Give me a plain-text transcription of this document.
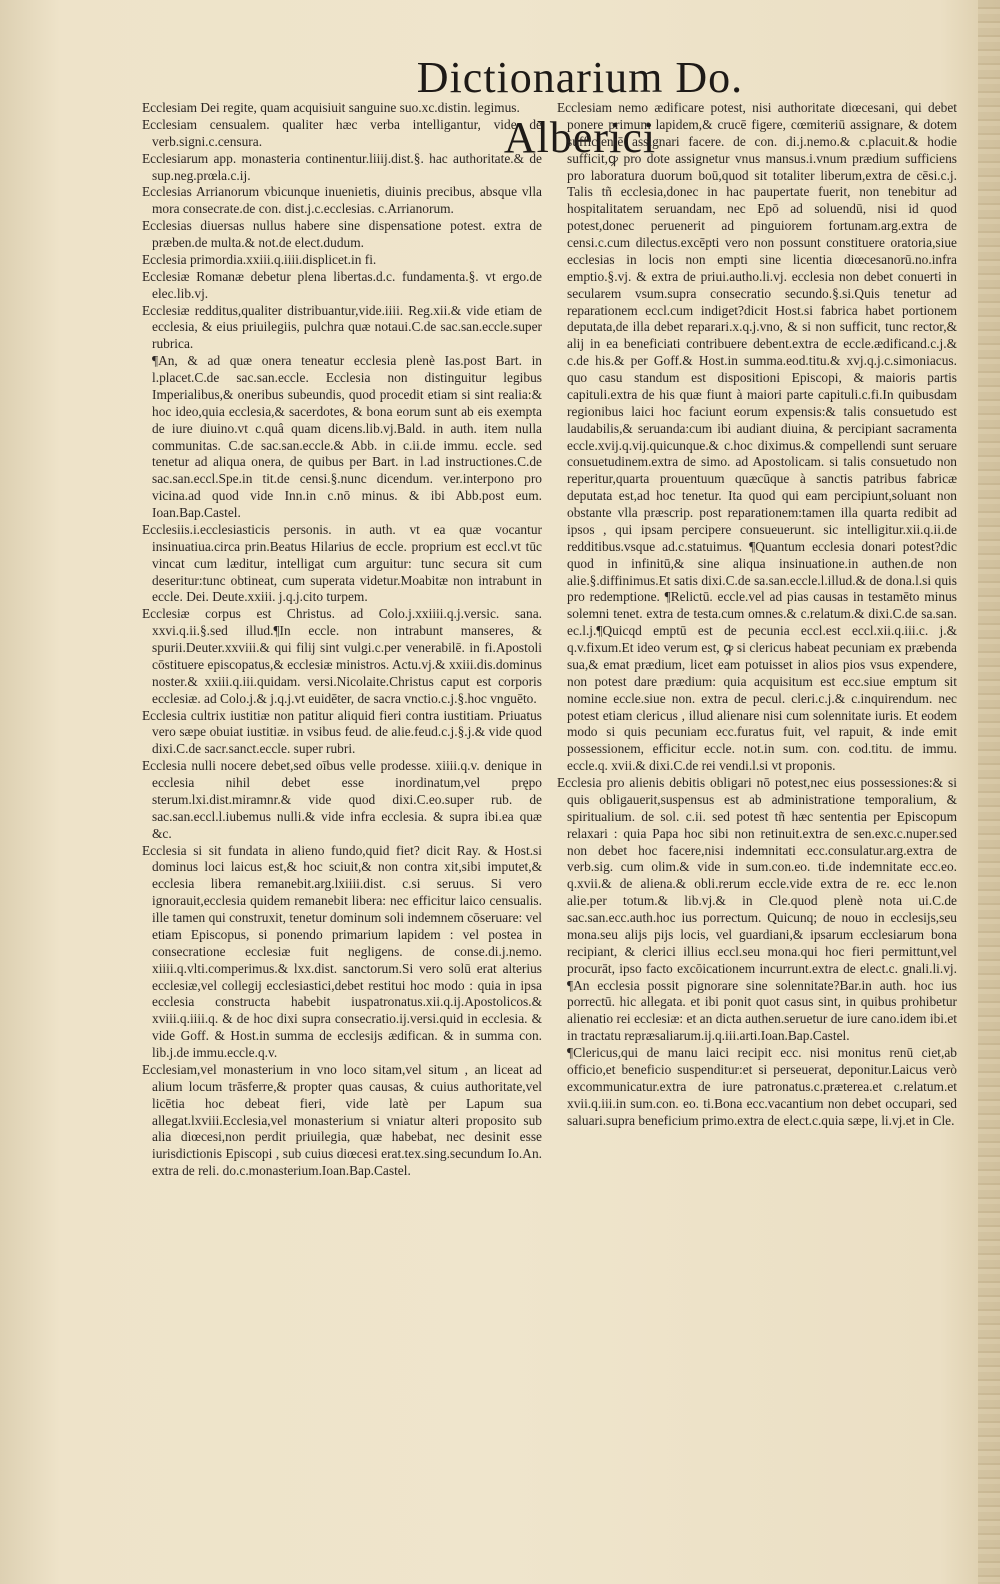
Dictionarium Do. Alberici

Ecclesiam Dei regite, quam acquisiuit sanguine suo.xc.distin. legimus.

Ecclesiam censualem. qualiter hæc verba intelligantur, vide de verb.signi.c.censura.

Ecclesiarum app. monasteria continentur.liiij.dist.§. hac authoritate.& de sup.neg.prœla.c.ij.

Ecclesias Arrianorum vbicunque inuenietis, diuinis precibus, absque vlla mora consecrate.de con. dist.j.c.ecclesias. c.Arrianorum.

Ecclesias diuersas nullus habere sine dispensatione potest. extra de præben.de multa.& not.de elect.dudum.

Ecclesia primordia.xxiii.q.iiii.displicet.in fi.

Ecclesiæ Romanæ debetur plena libertas.d.c. fundamenta.§. vt ergo.de elec.lib.vj.

Ecclesiæ redditus,qualiter distribuantur,vide.iiii. Reg.xii.& vide etiam de ecclesia, & eius priuilegiis, pulchra quæ notaui.C.de sac.san.eccle.super rubrica.

¶An, & ad quæ onera teneatur ecclesia plenè Ias.post Bart. in l.placet.C.de sac.san.eccle. Ecclesia non distinguitur legibus Imperialibus,& oneribus subeundis, quod procedit etiam si sint realia:& hoc ideo,quia ecclesia,& sacerdotes, & bona eorum sunt ab eis exempta de iure diuino.vt c.quâ quam dicens.lib.vj.Bald. in auth. item nulla communitas. C.de sac.san.eccle.& Abb. in c.ii.de immu. eccle. sed tenetur ad aliqua onera, de quibus per Bart. in l.ad instructiones.C.de sac.san.eccl.Spe.in tit.de censi.§.nunc dicendum. ver.interpono pro vicina.ad quod vide Inn.in c.nō minus. & ibi Abb.post eum. Ioan.Bap.Castel.

Ecclesiis.i.ecclesiasticis personis. in auth. vt ea quæ vocantur insinuatiua.circa prin.Beatus Hilarius de eccle. proprium est eccl.vt tūc vincat cum læditur, intelligat cum arguitur: tunc secura sit cum deseritur:tunc obtineat, cum superata videtur.Moabitæ non intrabunt in eccle. Dei. Deute.xxiii. j.q.j.cito turpem.

Ecclesiæ corpus est Christus. ad Colo.j.xxiiii.q.j.versic. sana. xxvi.q.ii.§.sed illud.¶In eccle. non intrabunt manseres, & spurii.Deuter.xxviii.& qui filij sint vulgi.c.per venerabilē. in fi.Apostoli cōstituere episcopatus,& ecclesiæ ministros. Actu.vj.& xxiii.dis.dominus noster.& xxiii.q.iii.quidam. versi.Nicolaite.Christus caput est corporis ecclesiæ. ad Colo.j.& j.q.j.vt euidēter, de sacra vnctio.c.j.§.hoc vnguēto.

Ecclesia cultrix iustitiæ non patitur aliquid fieri contra iustitiam. Priuatus vero sæpe obuiat iustitiæ. in vsibus feud. de alie.feud.c.j.§.j.& vide quod dixi.C.de sacr.sanct.eccle. super rubri.

Ecclesia nulli nocere debet,sed oībus velle prodesse. xiiii.q.v. denique in ecclesia nihil debet esse inordinatum,vel prępo sterum.lxi.dist.miramnr.& vide quod dixi.C.eo.super rub. de sac.san.eccl.l.iubemus nulli.& vide infra ecclesia. & supra ibi.ea quæ &c.

Ecclesia si sit fundata in alieno fundo,quid fiet? dicit Ray. & Host.si dominus loci laicus est,& hoc sciuit,& non contra xit,sibi imputet,& ecclesia libera remanebit.arg.lxiiii.dist. c.si seruus. Si vero ignorauit,ecclesia quidem remanebit libera: nec efficitur laico censualis. ille tamen qui construxit, tenetur dominum soli indemnem cōseruare: vel etiam Episcopus, si ponendo primarium lapidem : vel postea in consecratione ecclesiæ fuit negligens. de conse.di.j.nemo. xiiii.q.vlti.comperimus.& lxx.dist. sanctorum.Si vero solū erat alterius ecclesiæ,vel collegij ecclesiastici,debet restitui hoc modo : quia in ipsa ecclesia constructa habebit iuspatronatus.xii.q.ij.Apostolicos.& xviii.q.iiii.q. & de hoc dixi supra consecratio.ij.versi.quid in ecclesia. & vide Goff. & Host.in summa de ecclesijs ædifican. & in summa con. lib.j.de immu.eccle.q.v.

Ecclesiam,vel monasterium in vno loco sitam,vel situm , an liceat ad alium locum trāsferre,& propter quas causas, & cuius authoritate,vel licētia hoc debeat fieri, vide latè per Lapum sua allegat.lxviii.Ecclesia,vel monasterium si vniatur alteri proposito sub alia diœcesi,non perdit priuilegia, quæ habebat, nec desinit esse iurisdictionis Episcopi , sub cuius diœcesi erat.tex.sing.secundum Io.An. extra de reli. do.c.monasterium.Ioan.Bap.Castel.

Ecclesiam nemo ædificare potest, nisi authoritate diœcesani, qui debet ponere primum lapidem,& crucē figere, cœmiteriū assignare, & dotem sufficientē assignari facere. de con. di.j.nemo.& c.placuit.& hodie sufficit,ꝙ pro dote assignetur vnus mansus.i.vnum prædium sufficiens pro laboratura duorum boū,quod sit totaliter liberum,extra de cēsi.c.j. Talis tñ ecclesia,donec in hac paupertate fuerit, non tenebitur ad hospitalitatem seruandam, nec Epō ad soluendū, nisi id quod potest,donec peruenerit ad pinguiorem fortunam.arg.extra de censi.c.cum dilectus.excēpti vero non possunt constituere oratoria,siue ecclesias in locis non empti sine licentia diœcesanorū.no.infra emptio.§.vj. & extra de priui.autho.li.vj. ecclesia non debet conuerti in secularem vsum.supra consecratio secundo.§.si.Quis tenetur ad reparationem eccl.cum indiget?dicit Host.si fabrica habet portionem deputata,de illa debet reparari.x.q.j.vno, & si non sufficit, tunc rector,& alij in ea beneficiati contribuere debent.extra de eccle.ædificand.c.j.& c.de his.& per Goff.& Host.in summa.eod.titu.& xvj.q.j.c.simoniacus. quo casu standum est dispositioni Episcopi, & maioris partis capituli.extra de his quæ fiunt à maiori parte capituli.c.fi.In quibusdam regionibus laici hoc faciunt eorum expensis:& talis consuetudo est laudabilis,& seruanda:cum ibi audiant diuina, & percipiant sacramenta eccle.xvij.q.vij.quicunque.& c.hoc diximus.& compellendi sunt seruare consuetudinem.extra de simo. ad Apostolicam. si talis consuetudo non reperitur,quarta prouentuum quæcūque à sanctis patribus fabricæ deputata est,ad hoc tenetur. Ita quod qui eam percipiunt,soluant non obstante vlla præscrip. post reparationem:tamen illa quarta redibit ad ipsos , qui ipsam percipere consueuerunt. sic intelligitur.xii.q.ii.de redditibus.vsque ad.c.statuimus. ¶Quantum ecclesia donari potest?dic quod in infinitū,& sine aliqua insinuatione.in authen.de non alie.§.diffinimus.Et satis dixi.C.de sa.san.eccle.l.illud.& de dona.l.si quis pro redemptione. ¶Relictū. eccle.vel ad pias causas in testamēto minus solemni tenet. extra de testa.cum omnes.& c.relatum.& dixi.C.de sa.san. ec.l.j.¶Quicqd emptū est de pecunia eccl.est eccl.xii.q.iii.c. j.& q.v.fixum.Et ideo verum est, ꝙ si clericus habeat pecuniam ex præbenda sua,& emat prædium, licet eam potuisset in alios pios vsus expendere, non potest dare prædium: quia acquisitum est ecc.siue emptum sit nomine eccle.siue non. extra de pecul. cleri.c.j.& c.inquirendum. nec potest etiam clericus , illud alienare nisi cum solennitate iuris. Et eodem modo si quis pecuniam ecc.furatus fuit, vel rapuit, & inde emit possessionem, efficitur eccle. not.in sum. con. cod.titu. de immu. eccle.q. xvii.& dixi.C.de rei vendi.l.si vt proponis.

Ecclesia pro alienis debitis obligari nō potest,nec eius possessiones:& si quis obligauerit,suspensus est ab administratione temporalium, & spiritualium. de sol. c.ii. sed potest tñ hæc sententia per Episcopum relaxari : quia Papa hoc sibi non retinuit.extra de sen.exc.c.nuper.sed non debet hoc facere,nisi indemnitati ecc.consulatur.arg.extra de verb.sig. cum olim.& vide in sum.con.eo. ti.de indemnitate ecc.eo. q.xvii.& de aliena.& obli.rerum eccle.vide extra de re. ecc le.non alie.per totum.& lib.vj.& in Cle.quod plenè nota ui.C.de sac.san.ecc.auth.hoc ius porrectum. Quicunq; de nouo in ecclesijs,seu mona.seu alijs pijs locis, vel guardiani,& ipsarum ecclesiarum bona recipiant, & clerici illius eccl.seu mona.qui hoc fieri permittunt,vel procurāt, ipso facto excōicationem incurrunt.extra de elect.c. gnali.li.vj. ¶An ecclesia possit pignorare sine solennitate?Bar.in auth. hoc ius porrectū. hic allegata. et ibi ponit quot casus sint, in quibus prohibetur alienatio rei ecclesiæ: et an dicta authen.seruetur de iure cano.idem ibi.et in tractatu repræsaliarum.ij.q.iii.arti.Ioan.Bap.Castel.

¶Clericus,qui de manu laici recipit ecc. nisi monitus renū ciet,ab officio,et beneficio suspenditur:et si perseuerat, deponitur.Laicus verò excommunicatur.extra de iure patronatus.c.præterea.et c.relatum.et xvii.q.iii.in sum.con. eo. ti.Bona ecc.vacantium non debet occupari, sed saluari.supra beneficium primo.extra de elect.c.quia sæpe, li.vj.et in Cle.
